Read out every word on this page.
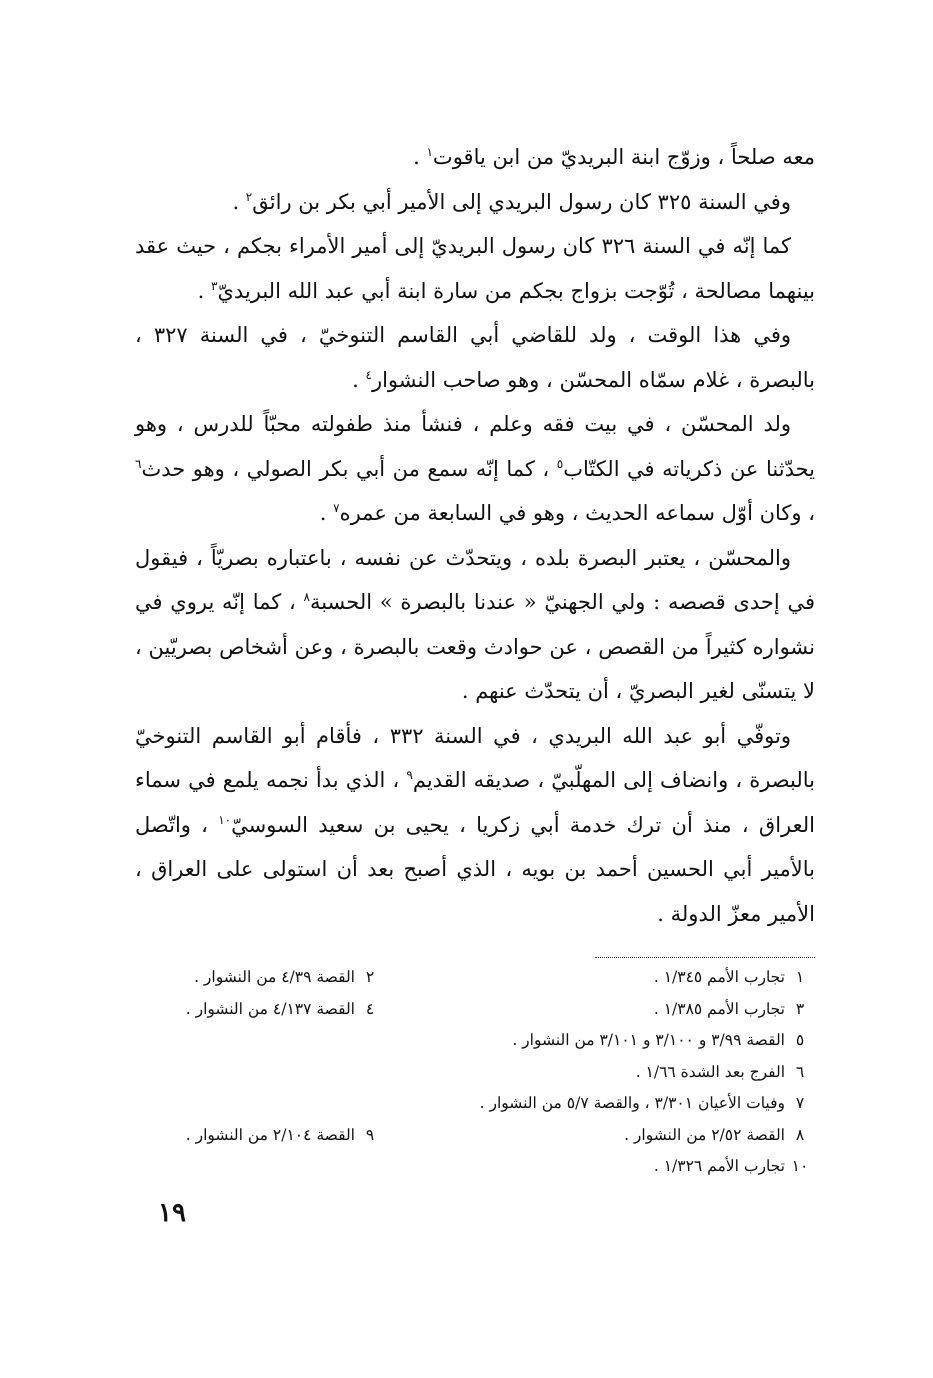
معه صلحاً ، وزوّج ابنة البريديّ من ابن ياقوت$^١$ .

وفي السنة ٣٢٥ كان رسول البريدي إلى الأمير أبي بكر بن رائق$^٢$ .

كما إنّه في السنة ٣٢٦ كان رسول البريديّ إلى أمير الأمراء بجكم ، حيث عقد بينهما مصالحة ، تُوّجت بزواج بجكم من سارة ابنة أبي عبد الله البريديّ$^٣$ .

وفي هذا الوقت ، ولد للقاضي أبي القاسم التنوخيّ ، في السنة ٣٢٧ ، بالبصرة ، غلام سمّاه المحسّن ، وهو صاحب النشوار$^٤$ .

ولد المحسّن ، في بيت فقه وعلم ، فنشأ منذ طفولته محبّاً للدرس ، وهو يحدّثنا عن ذكرياته في الكتّاب$^٥$ ، كما إنّه سمع من أبي بكر الصولي ، وهو حدث$^٦$ ، وكان أوّل سماعه الحديث ، وهو في السابعة من عمره$^٧$ .

والمحسّن ، يعتبر البصرة بلده ، ويتحدّث عن نفسه ، باعتباره بصريّاً ، فيقول في إحدى قصصه : ولي الجهنيّ « عندنا بالبصرة » الحسبة$^٨$ ، كما إنّه يروي في نشواره كثيراً من القصص ، عن حوادث وقعت بالبصرة ، وعن أشخاص بصريّين ، لا يتسنّى لغير البصريّ ، أن يتحدّث عنهم .

وتوفّي أبو عبد الله البريدي ، في السنة ٣٣٢ ، فأقام أبو القاسم التنوخيّ بالبصرة ، وانضاف إلى المهلّبيّ ، صديقه القديم$^٩$ ، الذي بدأ نجمه يلمع في سماء العراق ، منذ أن ترك خدمة أبي زكريا ، يحيى بن سعيد السوسيّ$^{١٠}$ ، واتّصل بالأمير أبي الحسين أحمد بن بويه ، الذي أصبح بعد أن استولى على العراق ، الأمير معزّ الدولة .

١تجارب الأمم ١/٣٤٥ .
٢القصة ٤/٣٩ من النشوار .
٣تجارب الأمم ١/٣٨٥ .
٤القصة ٤/١٣٧ من النشوار .
٥القصة ٣/٩٩ و ٣/١٠٠ و ٣/١٠١ من النشوار .
٦الفرج بعد الشدة ١/٦٦ .
٧وفيات الأعيان ٣/٣٠١ ، والقصة ٥/٧ من النشوار .
٨القصة ٢/٥٢ من النشوار .
٩القصة ٢/١٠٤ من النشوار .
١٠تجارب الأمم ١/٣٢٦ .
١٩
